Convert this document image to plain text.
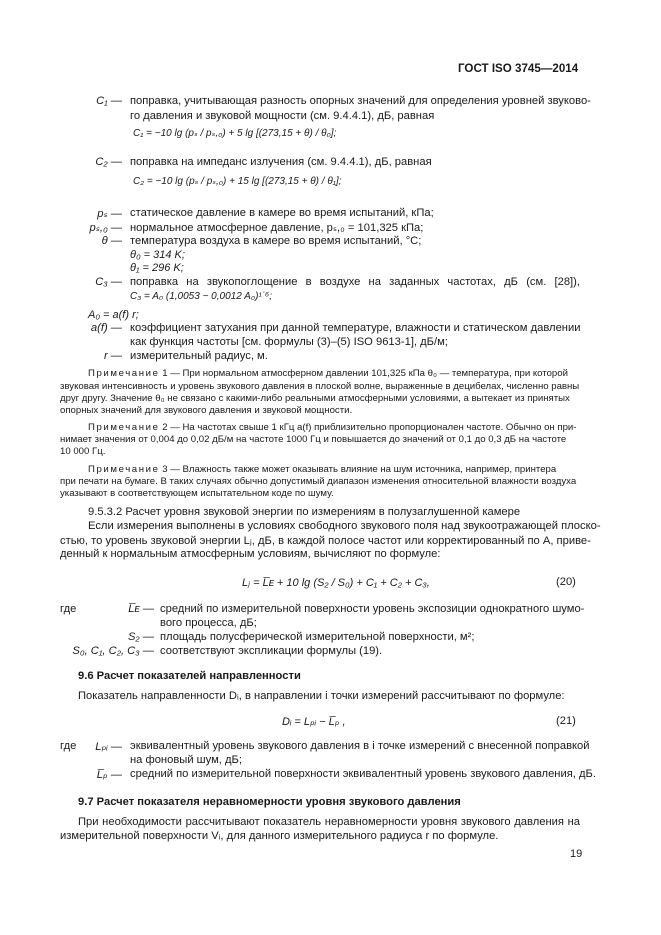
ГОСТ ISO 3745—2014
C₁ — поправка, учитывающая разность опорных значений для определения уровней звуково-
го давления и звуковой мощности (см. 9.4.4.1), дБ, равная
C₁ = −10 lg (pₛ / pₛ,₀) + 5 lg [(273,15 + θ) / θ₀];
C₂ — поправка на импеданс излучения (см. 9.4.4.1), дБ, равная
C₂ = −10 lg (pₛ / pₛ,₀) + 15 lg [(273,15 + θ) / θ₁];
pₛ — статическое давление в камере во время испытаний, кПа;
pₛ,₀ — нормальное атмосферное давление, pₛ,₀ = 101,325 кПа;
θ — температура воздуха в камере во время испытаний, °C;
θ₀ = 314 K;
θ₁ = 296 K;
C₃ — поправка на звукопоглощение в воздухе на заданных частотах, дБ (см. [28]),
C₃ = A₀ (1,0053 − 0,0012 A₀)¹˙⁶;
A₀ = a(f) r;
a(f) — коэффициент затухания при данной температуре, влажности и статическом давлении
как функция частоты [см. формулы (3)–(5) ISO 9613-1], дБ/м;
r — измерительный радиус, м.
Примечание 1 — При нормальном атмосферном давлении 101,325 кПа θ₀ — температура, при которой
звуковая интенсивность и уровень звукового давления в плоской волне, выраженные в децибелах, численно равны
друг другу. Значение θ₀ не связано с какими-либо реальными атмосферными условиями, а вытекает из принятых
опорных значений для звукового давления и звуковой мощности.
Примечание 2 — На частотах свыше 1 кГц a(f) приблизительно пропорционален частоте. Обычно он при-
нимает значения от 0,004 до 0,02 дБ/м на частоте 1000 Гц и повышается до значений от 0,1 до 0,3 дБ на частоте
10 000 Гц.
Примечание 3 — Влажность также может оказывать влияние на шум источника, например, принтера
при печати на бумаге. В таких случаях обычно допустимый диапазон изменения относительной влажности воздуха
указывают в соответствующем испытательном коде по шуму.
9.5.3.2 Расчет уровня звуковой энергии по измерениям в полузаглушенной камере
Если измерения выполнены в условиях свободного звукового поля над звукоотражающей плоско-
стью, то уровень звуковой энергии Lⱼ, дБ, в каждой полосе частот или корректированный по A, приве-
денный к нормальным атмосферным условиям, вычисляют по формуле:
Lⱼ = L̅ᴇ + 10 lg (S₂ / S₀) + C₁ + C₂ + C₃,	(20)
где	L̅ᴇ — средний по измерительной поверхности уровень экспозиции однократного шумо-
вого процесса, дБ;
S₂ — площадь полусферической измерительной поверхности, м²;
S₀, C₁, C₂, C₃ — соответствуют экспликации формулы (19).
9.6 Расчет показателей направленности
Показатель направленности Dᵢ, в направлении i точки измерений рассчитывают по формуле:
Dᵢ = Lₚᵢ − L̅ₚ ,	(21)
где	Lₚᵢ — эквивалентный уровень звукового давления в i точке измерений с внесенной поправкой
на фоновый шум, дБ;
L̅ₚ — средний по измерительной поверхности эквивалентный уровень звукового давления, дБ.
9.7 Расчет показателя неравномерности уровня звукового давления
При необходимости рассчитывают показатель неравномерности уровня звукового давления на
измерительной поверхности Vᵢ, для данного измерительного радиуса r по формуле.
19
